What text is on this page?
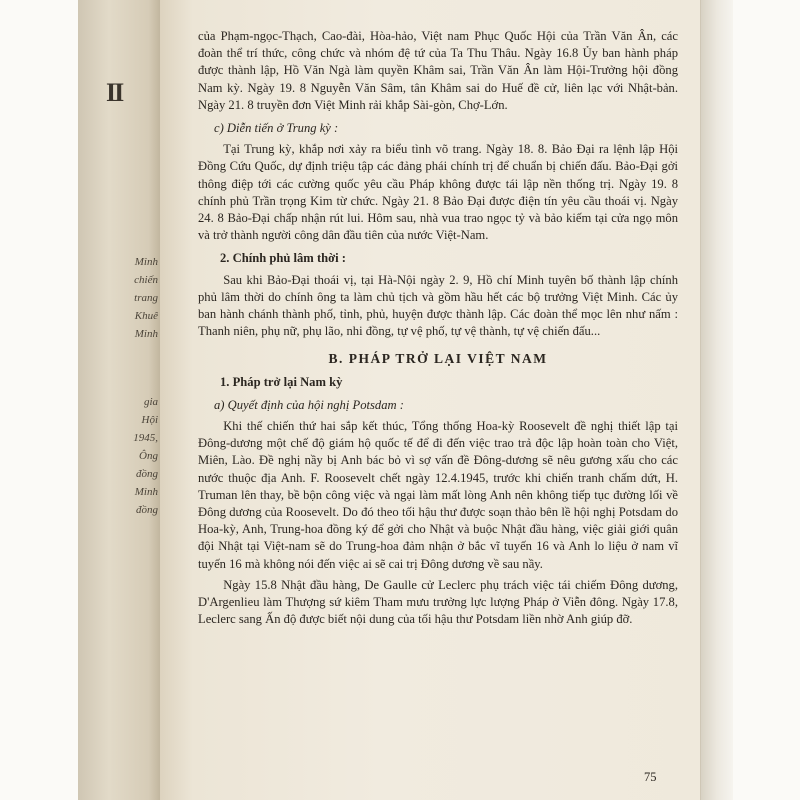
II
Minh
chiến
trang
Khuê
Minh
gia
Hội
1945,
Ông
đồng
Minh
đồng

của Phạm-ngọc-Thạch, Cao-đài, Hòa-hảo, Việt nam Phục Quốc Hội của Trần Văn Ân, các đoàn thể trí thức, công chức và nhóm đệ tứ của Ta Thu Thâu. Ngày 16.8 Ủy ban hành pháp được thành lập, Hồ Văn Ngà làm quyền Khâm sai, Trần Văn Ân làm Hội-Trưởng hội đồng Nam kỳ. Ngày 19. 8 Nguyễn Văn Sâm, tân Khâm sai do Huế đề cử, liên lạc với Nhật-bản. Ngày 21. 8 truyền đơn Việt Minh rải khắp Sài-gòn, Chợ-Lớn.

c) Diễn tiến ở Trung kỳ :

Tại Trung kỳ, khắp nơi xảy ra biểu tình võ trang. Ngày 18. 8. Bảo Đại ra lệnh lập Hội Đồng Cứu Quốc, dự định triệu tập các đảng phái chính trị để chuẩn bị chiến đấu. Bảo-Đại gởi thông điệp tới các cường quốc yêu cầu Pháp không được tái lập nền thống trị. Ngày 19. 8 chính phủ Trần trọng Kim từ chức. Ngày 21. 8 Bảo Đại được điện tín yêu cầu thoái vị. Ngày 24. 8 Bảo-Đại chấp nhận rút lui. Hôm sau, nhà vua trao ngọc tỷ và bảo kiếm tại cửa ngọ môn và trở thành người công dân đầu tiên của nước Việt-Nam.

2. Chính phủ lâm thời :

Sau khi Bảo-Đại thoái vị, tại Hà-Nội ngày 2. 9, Hồ chí Minh tuyên bố thành lập chính phủ lâm thời do chính ông ta làm chủ tịch và gồm hầu hết các bộ trưởng Việt Minh. Các ủy ban hành chánh thành phố, tỉnh, phủ, huyện được thành lập. Các đoàn thể mọc lên như nấm : Thanh niên, phụ nữ, phụ lão, nhi đồng, tự vệ phố, tự vệ thành, tự vệ chiến đấu...

B. PHÁP TRỞ LẠI VIỆT NAM
1. Pháp trở lại Nam kỳ
a) Quyết định của hội nghị Potsdam :

Khi thế chiến thứ hai sắp kết thúc, Tổng thống Hoa-kỳ Roosevelt đề nghị thiết lập tại Đông-dương một chế độ giám hộ quốc tế để đi đến việc trao trả độc lập hoàn toàn cho Việt, Miên, Lào. Đề nghị nầy bị Anh bác bỏ vì sợ vấn đề Đông-dương sẽ nêu gương xấu cho các nước thuộc địa Anh. F. Roosevelt chết ngày 12.4.1945, trước khi chiến tranh chấm dứt, H. Truman lên thay, bề bộn công việc và ngại làm mất lòng Anh nên không tiếp tục đường lối về Đông dương của Roosevelt. Do đó theo tối hậu thư được soạn thảo bên lề hội nghị Potsdam do Hoa-kỳ, Anh, Trung-hoa đồng ký để gởi cho Nhật và buộc Nhật đầu hàng, việc giải giới quân đội Nhật tại Việt-nam sẽ do Trung-hoa đảm nhận ở bắc vĩ tuyến 16 và Anh lo liệu ở nam vĩ tuyến 16 mà không nói đến việc ai sẽ cai trị Đông dương về sau nầy.

Ngày 15.8 Nhật đầu hàng, De Gaulle cử Leclerc phụ trách việc tái chiếm Đông dương, D'Argenlieu làm Thượng sứ kiêm Tham mưu trưởng lực lượng Pháp ở Viễn đông. Ngày 17.8, Leclerc sang Ấn độ được biết nội dung của tối hậu thư Potsdam liền nhờ Anh giúp đỡ.

75
